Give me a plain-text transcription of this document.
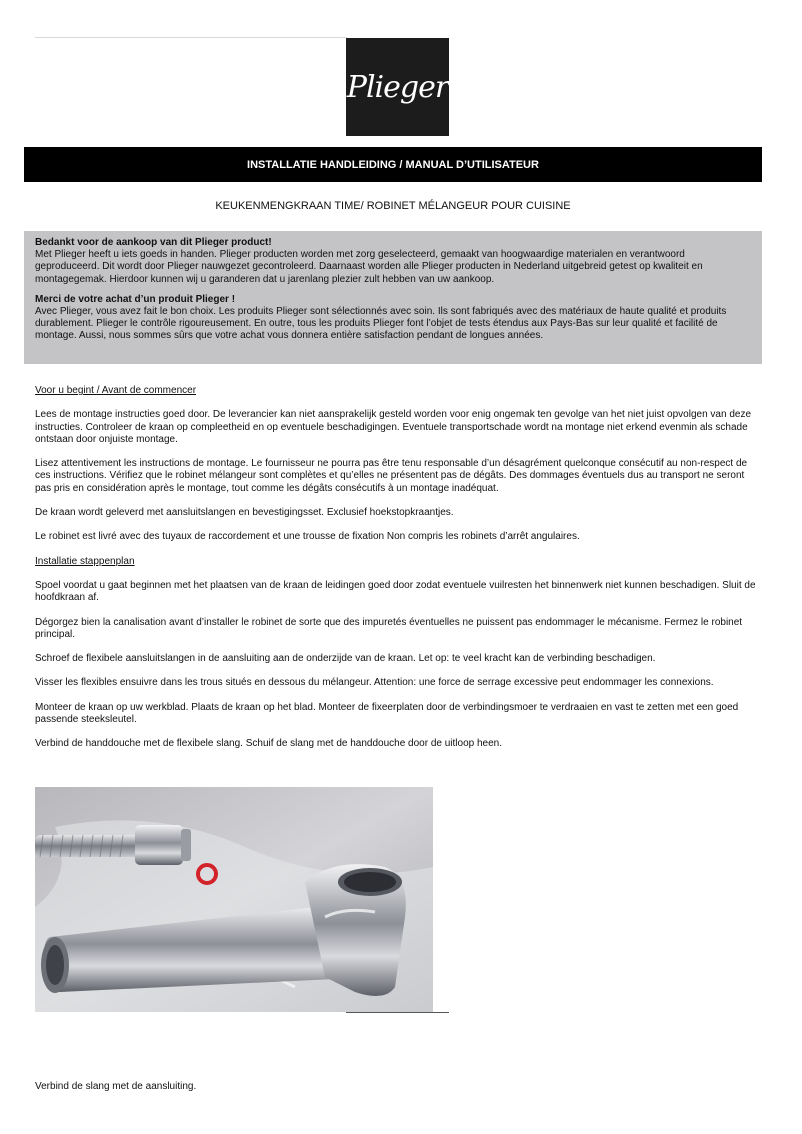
Plieger
INSTALLATIE HANDLEIDING / MANUAL D’UTILISATEUR
KEUKENMENGKRAAN TIME/ ROBINET MÉLANGEUR POUR CUISINE

Bedankt voor de aankoop van dit Plieger product!

Met Plieger heeft u iets goeds in handen. Plieger producten worden met zorg geselecteerd, gemaakt van hoogwaardige materialen en verantwoord geproduceerd. Dit wordt door Plieger nauwgezet gecontroleerd. Daarnaast worden alle Plieger producten in Nederland uitgebreid getest op kwaliteit en montagegemak. Hierdoor kunnen wij u garanderen dat u jarenlang plezier zult hebben van uw aankoop.

Merci de votre achat d’un produit Plieger !

Avec Plieger, vous avez fait le bon choix. Les produits Plieger sont sélectionnés avec soin. Ils sont fabriqués avec des matériaux de haute qualité et produits durablement. Plieger le contrôle rigoureusement. En outre, tous les produits Plieger font l’objet de tests étendus aux Pays-Bas sur leur qualité et facilité de montage. Aussi, nous sommes sûrs que votre achat vous donnera entière satisfaction pendant de longues années.

Voor u begint / Avant de commencer

Lees de montage instructies goed door. De leverancier kan niet aansprakelijk gesteld worden voor enig ongemak ten gevolge van het niet juist opvolgen van deze instructies. Controleer de kraan op compleetheid en op eventuele beschadigingen. Eventuele transportschade wordt na montage niet erkend evenmin als schade ontstaan door onjuiste montage.

Lisez attentivement les instructions de montage. Le fournisseur ne pourra pas être tenu responsable d’un désagrément quelconque consécutif au non-respect de ces instructions. Vérifiez que le robinet mélangeur sont complètes et qu’elles ne présentent pas de dégâts. Des dommages éventuels dus au transport ne seront pas pris en considération après le montage, tout comme les dégâts consécutifs à un montage inadéquat.

De kraan wordt geleverd met aansluitslangen en bevestigingsset. Exclusief hoekstopkraantjes.

Le robinet est livré avec des tuyaux de raccordement et une trousse de fixation Non compris les robinets d’arrêt angulaires.

Installatie stappenplan

Spoel voordat u gaat beginnen met het plaatsen van de kraan de leidingen goed door zodat eventuele vuilresten het binnenwerk niet kunnen beschadigen. Sluit de hoofdkraan af.

Dégorgez bien la canalisation avant d’installer le robinet de sorte que des impuretés éventuelles ne puissent pas endommager le mécanisme. Fermez le robinet principal.

Schroef de flexibele aansluitslangen in de aansluiting aan de onderzijde van de kraan. Let op: te veel kracht kan de verbinding beschadigen.

Visser les flexibles ensuivre dans les trous situés en dessous du mélangeur. Attention: une force de serrage excessive peut endommager les connexions.

Monteer de kraan op uw werkblad. Plaats de kraan op het blad. Monteer de fixeerplaten door de verbindingsmoer te verdraaien en vast te zetten met een goed passende steeksleutel.

Verbind de handdouche met de flexibele slang. Schuif de slang met de handdouche door de uitloop heen.

Verbind de slang met de aansluiting.
